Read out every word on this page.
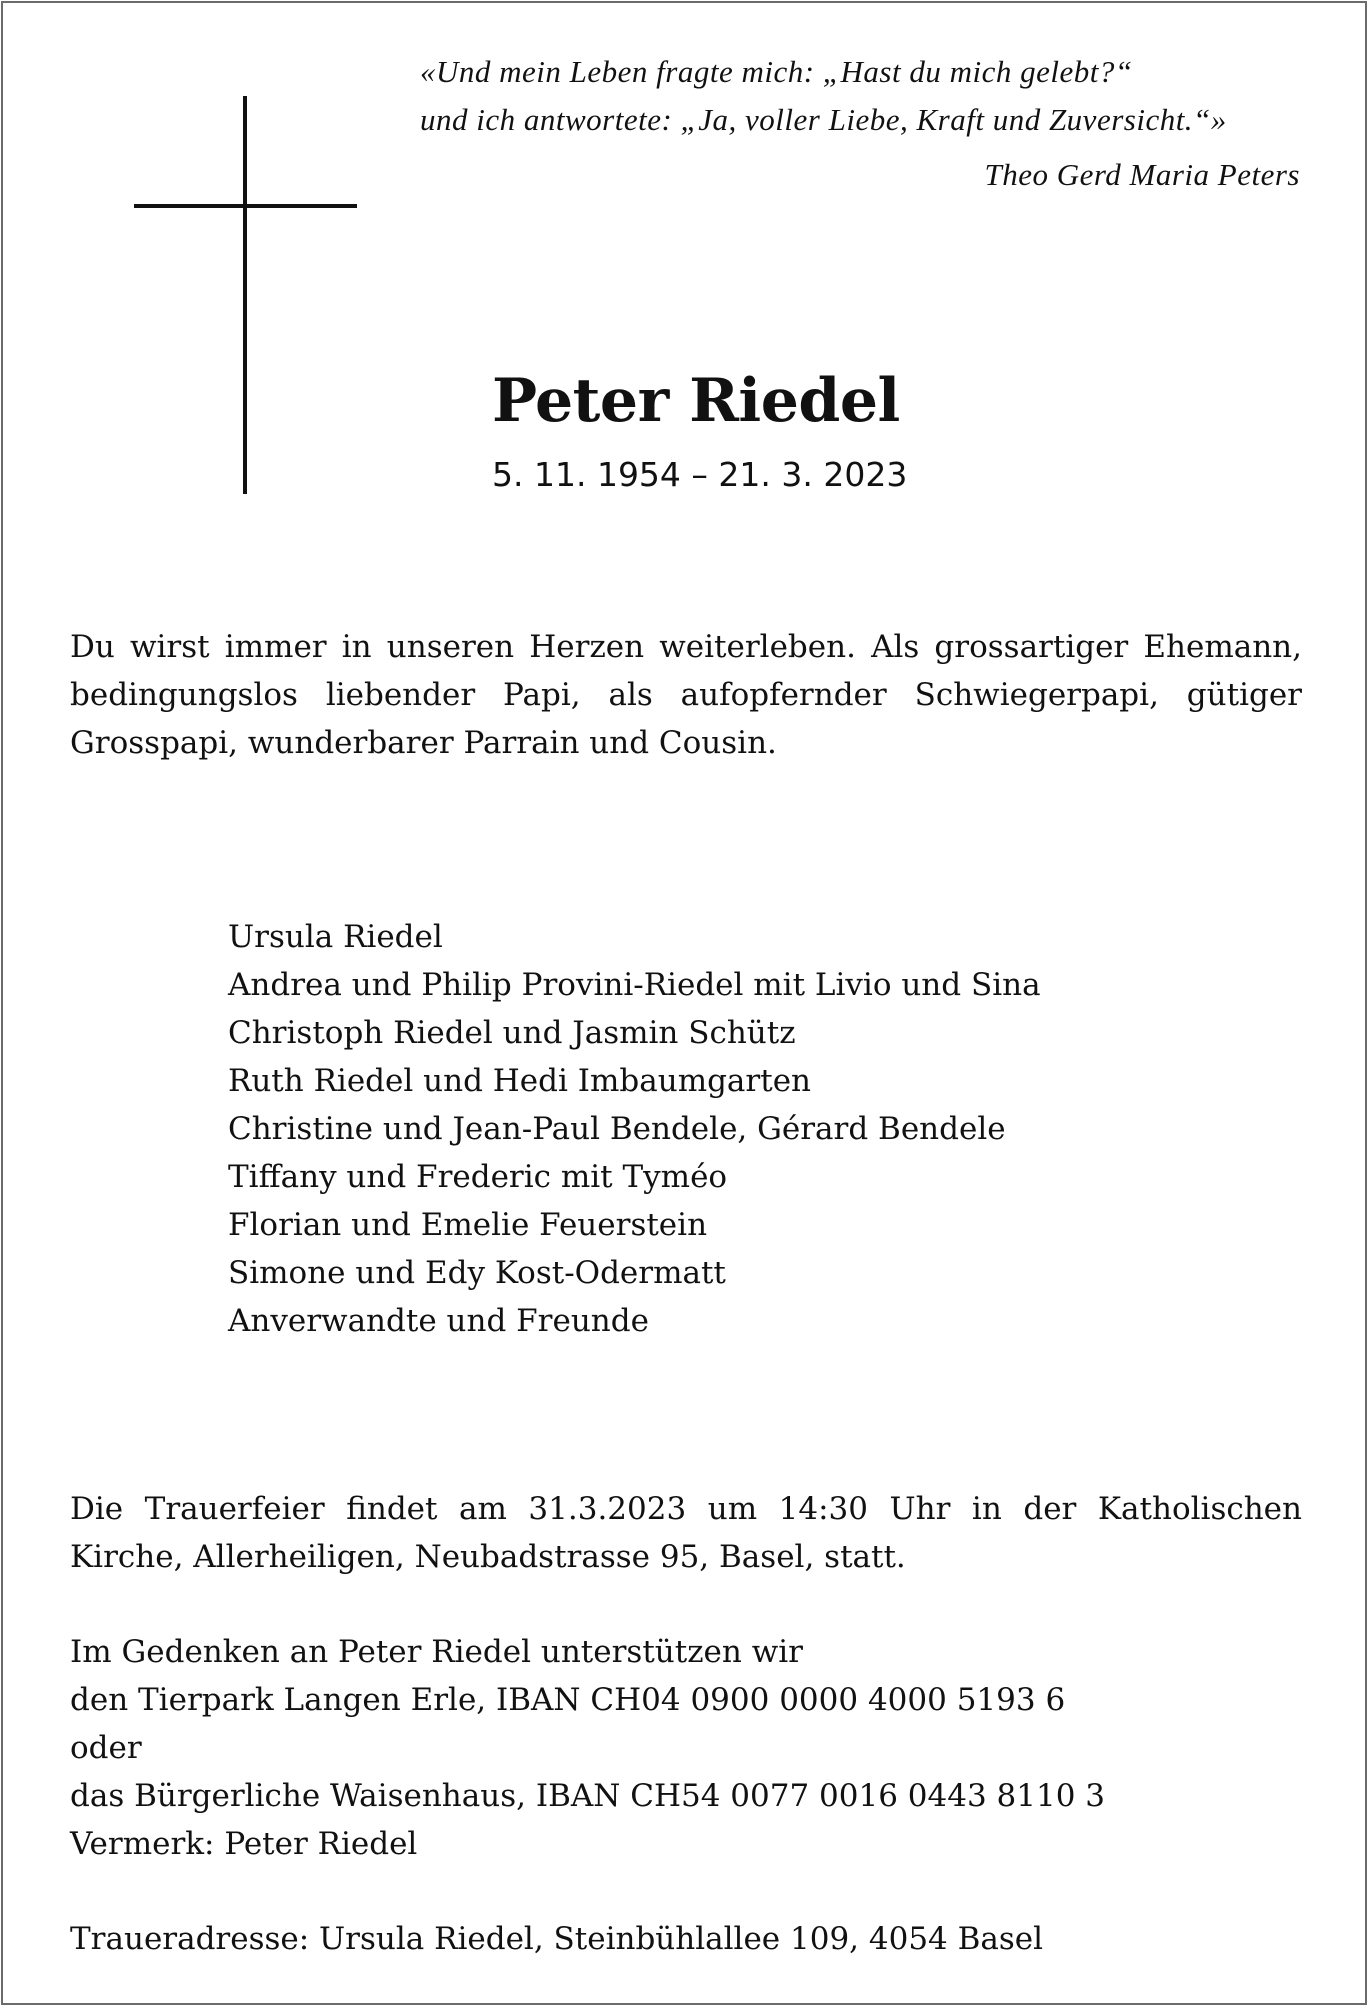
«Und mein Leben fragte mich: „Hast du mich gelebt?“
und ich antwortete: „Ja, voller Liebe, Kraft und Zuversicht.“»
Theo Gerd Maria Peters
Peter Riedel
5. 11. 1954 – 21. 3. 2023
Du wirst immer in unseren Herzen weiterleben. Als grossartiger Ehemann, bedingungslos liebender Papi, als aufopfernder Schwiegerpapi, gütiger Grosspapi, wunderbarer Parrain und Cousin.
Ursula Riedel
Andrea und Philip Provini-Riedel mit Livio und Sina
Christoph Riedel und Jasmin Schütz
Ruth Riedel und Hedi Imbaumgarten
Christine und Jean-Paul Bendele, Gérard Bendele
Tiffany und Frederic mit Tyméo
Florian und Emelie Feuerstein
Simone und Edy Kost-Odermatt
Anverwandte und Freunde
Die Trauerfeier findet am 31.3.2023 um 14:30 Uhr in der Katholischen Kirche, Allerheiligen, Neubadstrasse 95, Basel, statt.
Im Gedenken an Peter Riedel unterstützen wir
den Tierpark Langen Erle, IBAN CH04 0900 0000 4000 5193 6
oder
das Bürgerliche Waisenhaus, IBAN CH54 0077 0016 0443 8110 3
Vermerk: Peter Riedel
Traueradresse: Ursula Riedel, Steinbühlallee 109, 4054 Basel
